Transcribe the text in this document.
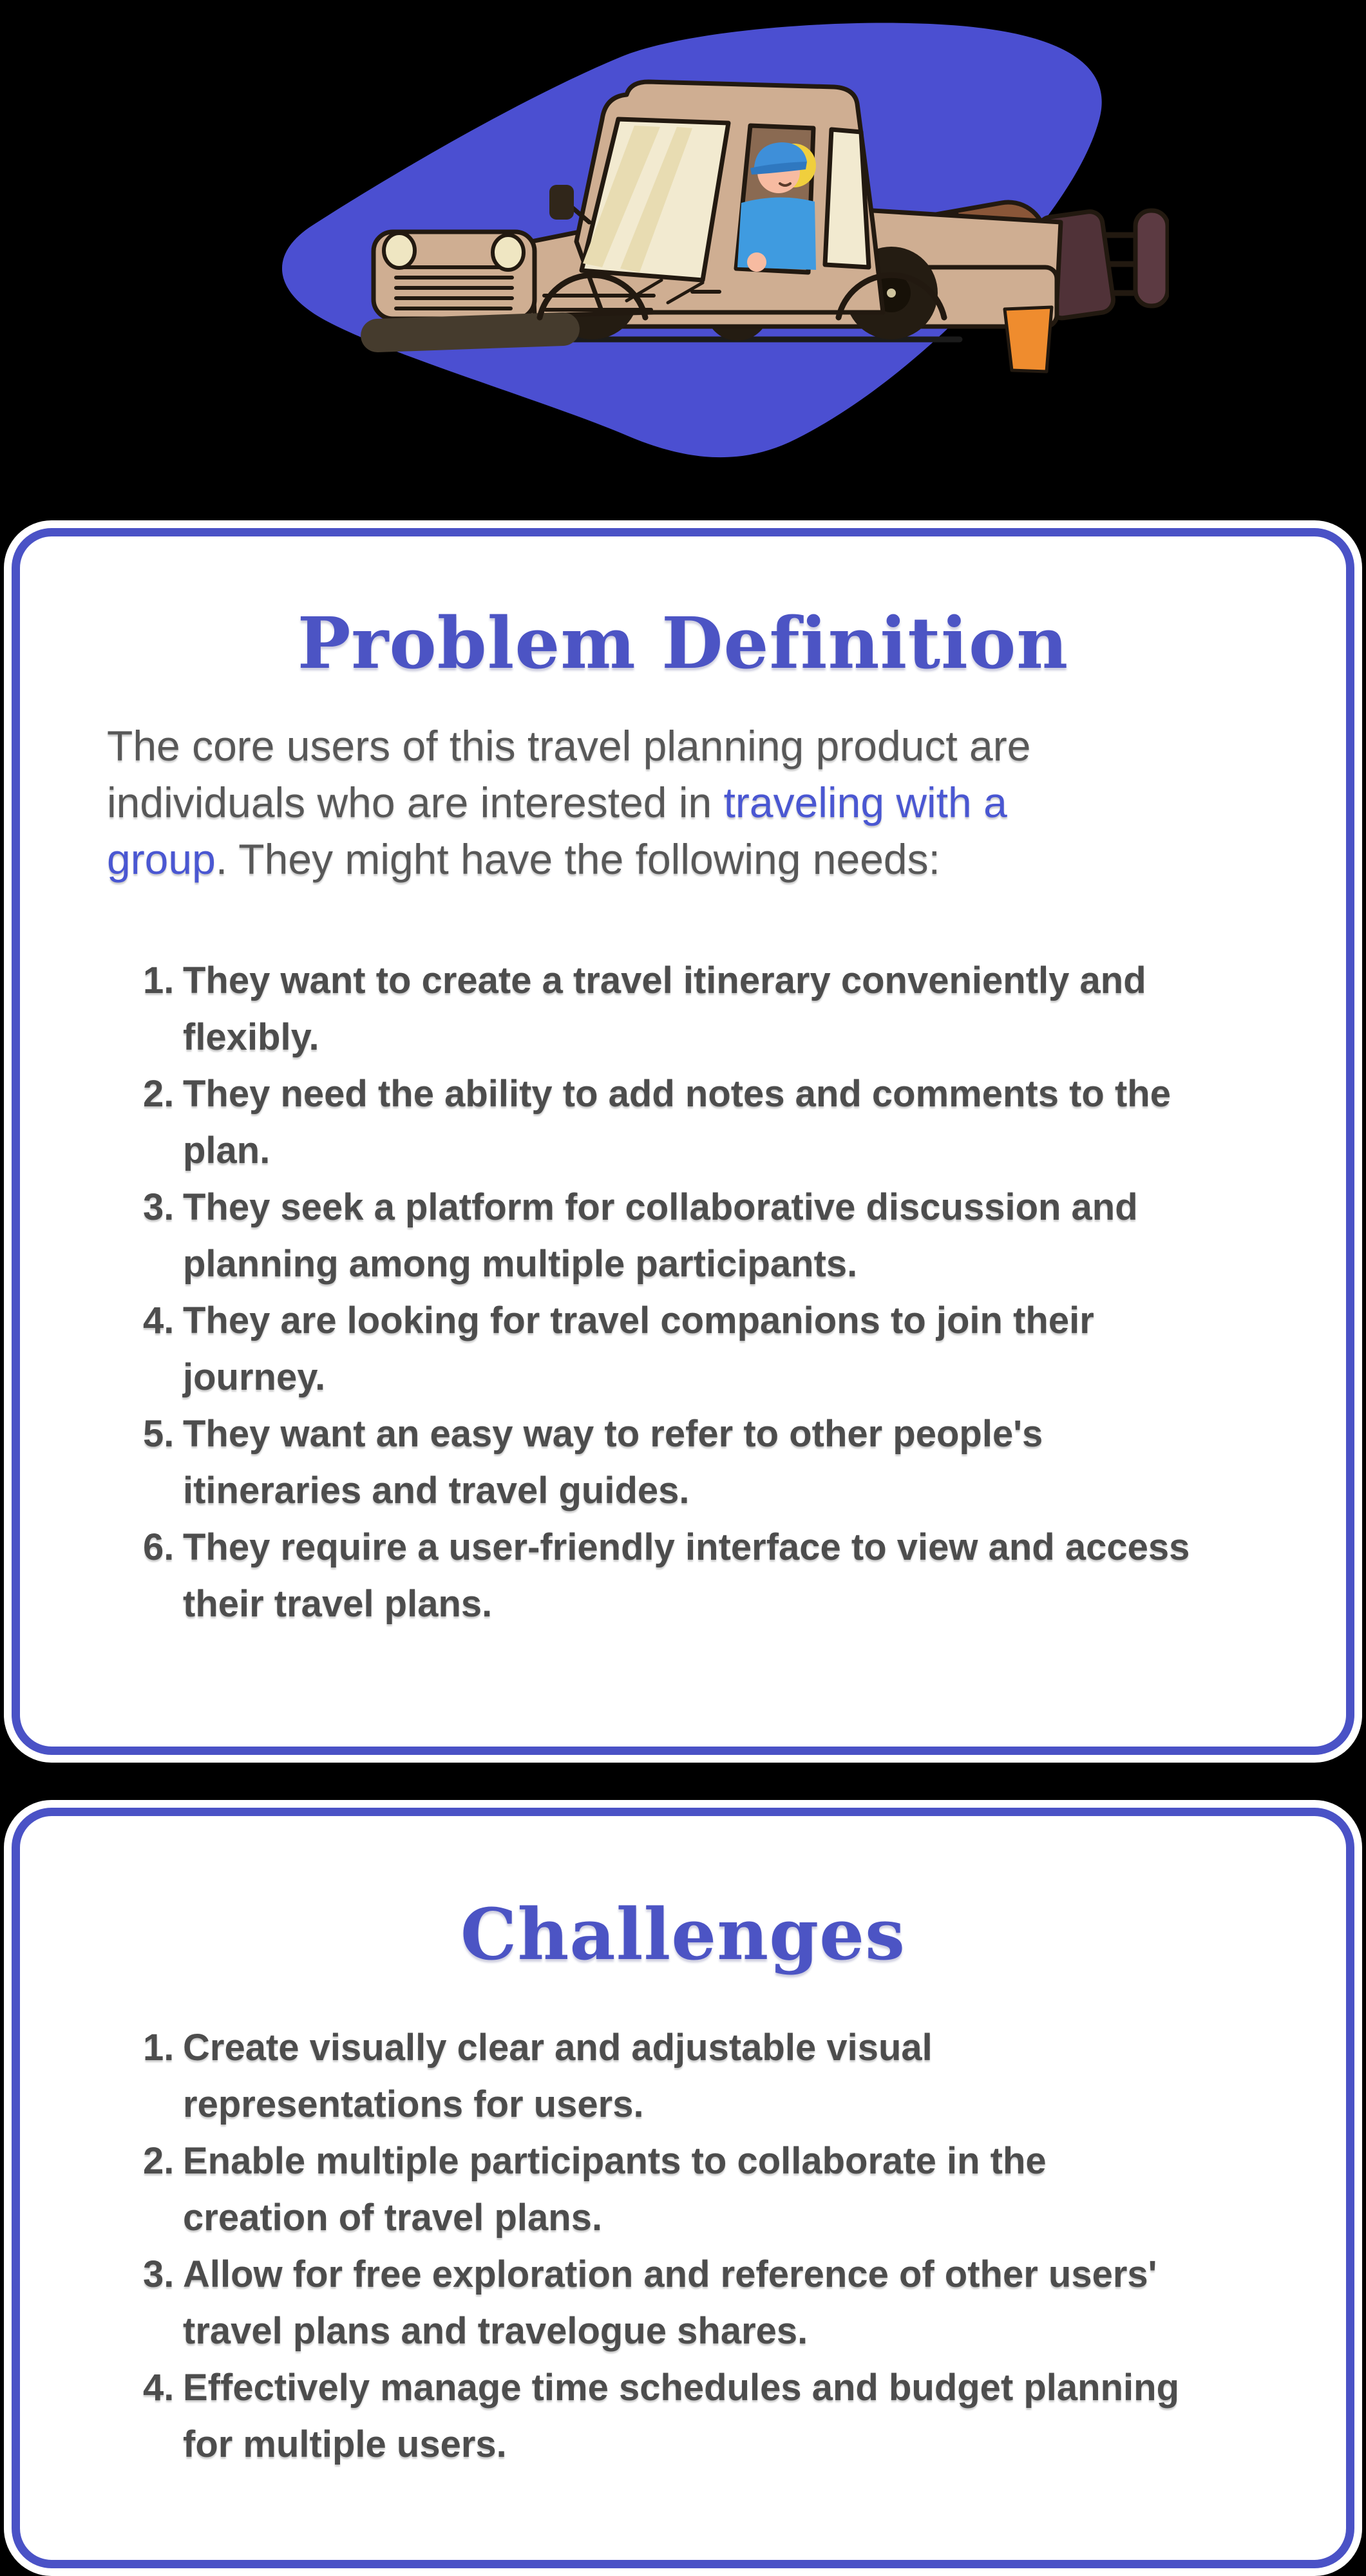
Problem Definition

The core users of this travel planning product are
individuals who are interested in traveling with a
group. They might have the following needs:

1. They want to create a travel itinerary conveniently and
flexibly.
2. They need the ability to add notes and comments to the
plan.
3. They seek a platform for collaborative discussion and
planning among multiple participants.
4. They are looking for travel companions to join their
journey.
5. They want an easy way to refer to other people's
itineraries and travel guides.
6. They require a user-friendly interface to view and access
their travel plans.
Challenges
1. Create visually clear and adjustable visual
representations for users.
2. Enable multiple participants to collaborate in the
creation of travel plans.
3. Allow for free exploration and reference of other users'
travel plans and travelogue shares.
4. Effectively manage time schedules and budget planning
for multiple users.
